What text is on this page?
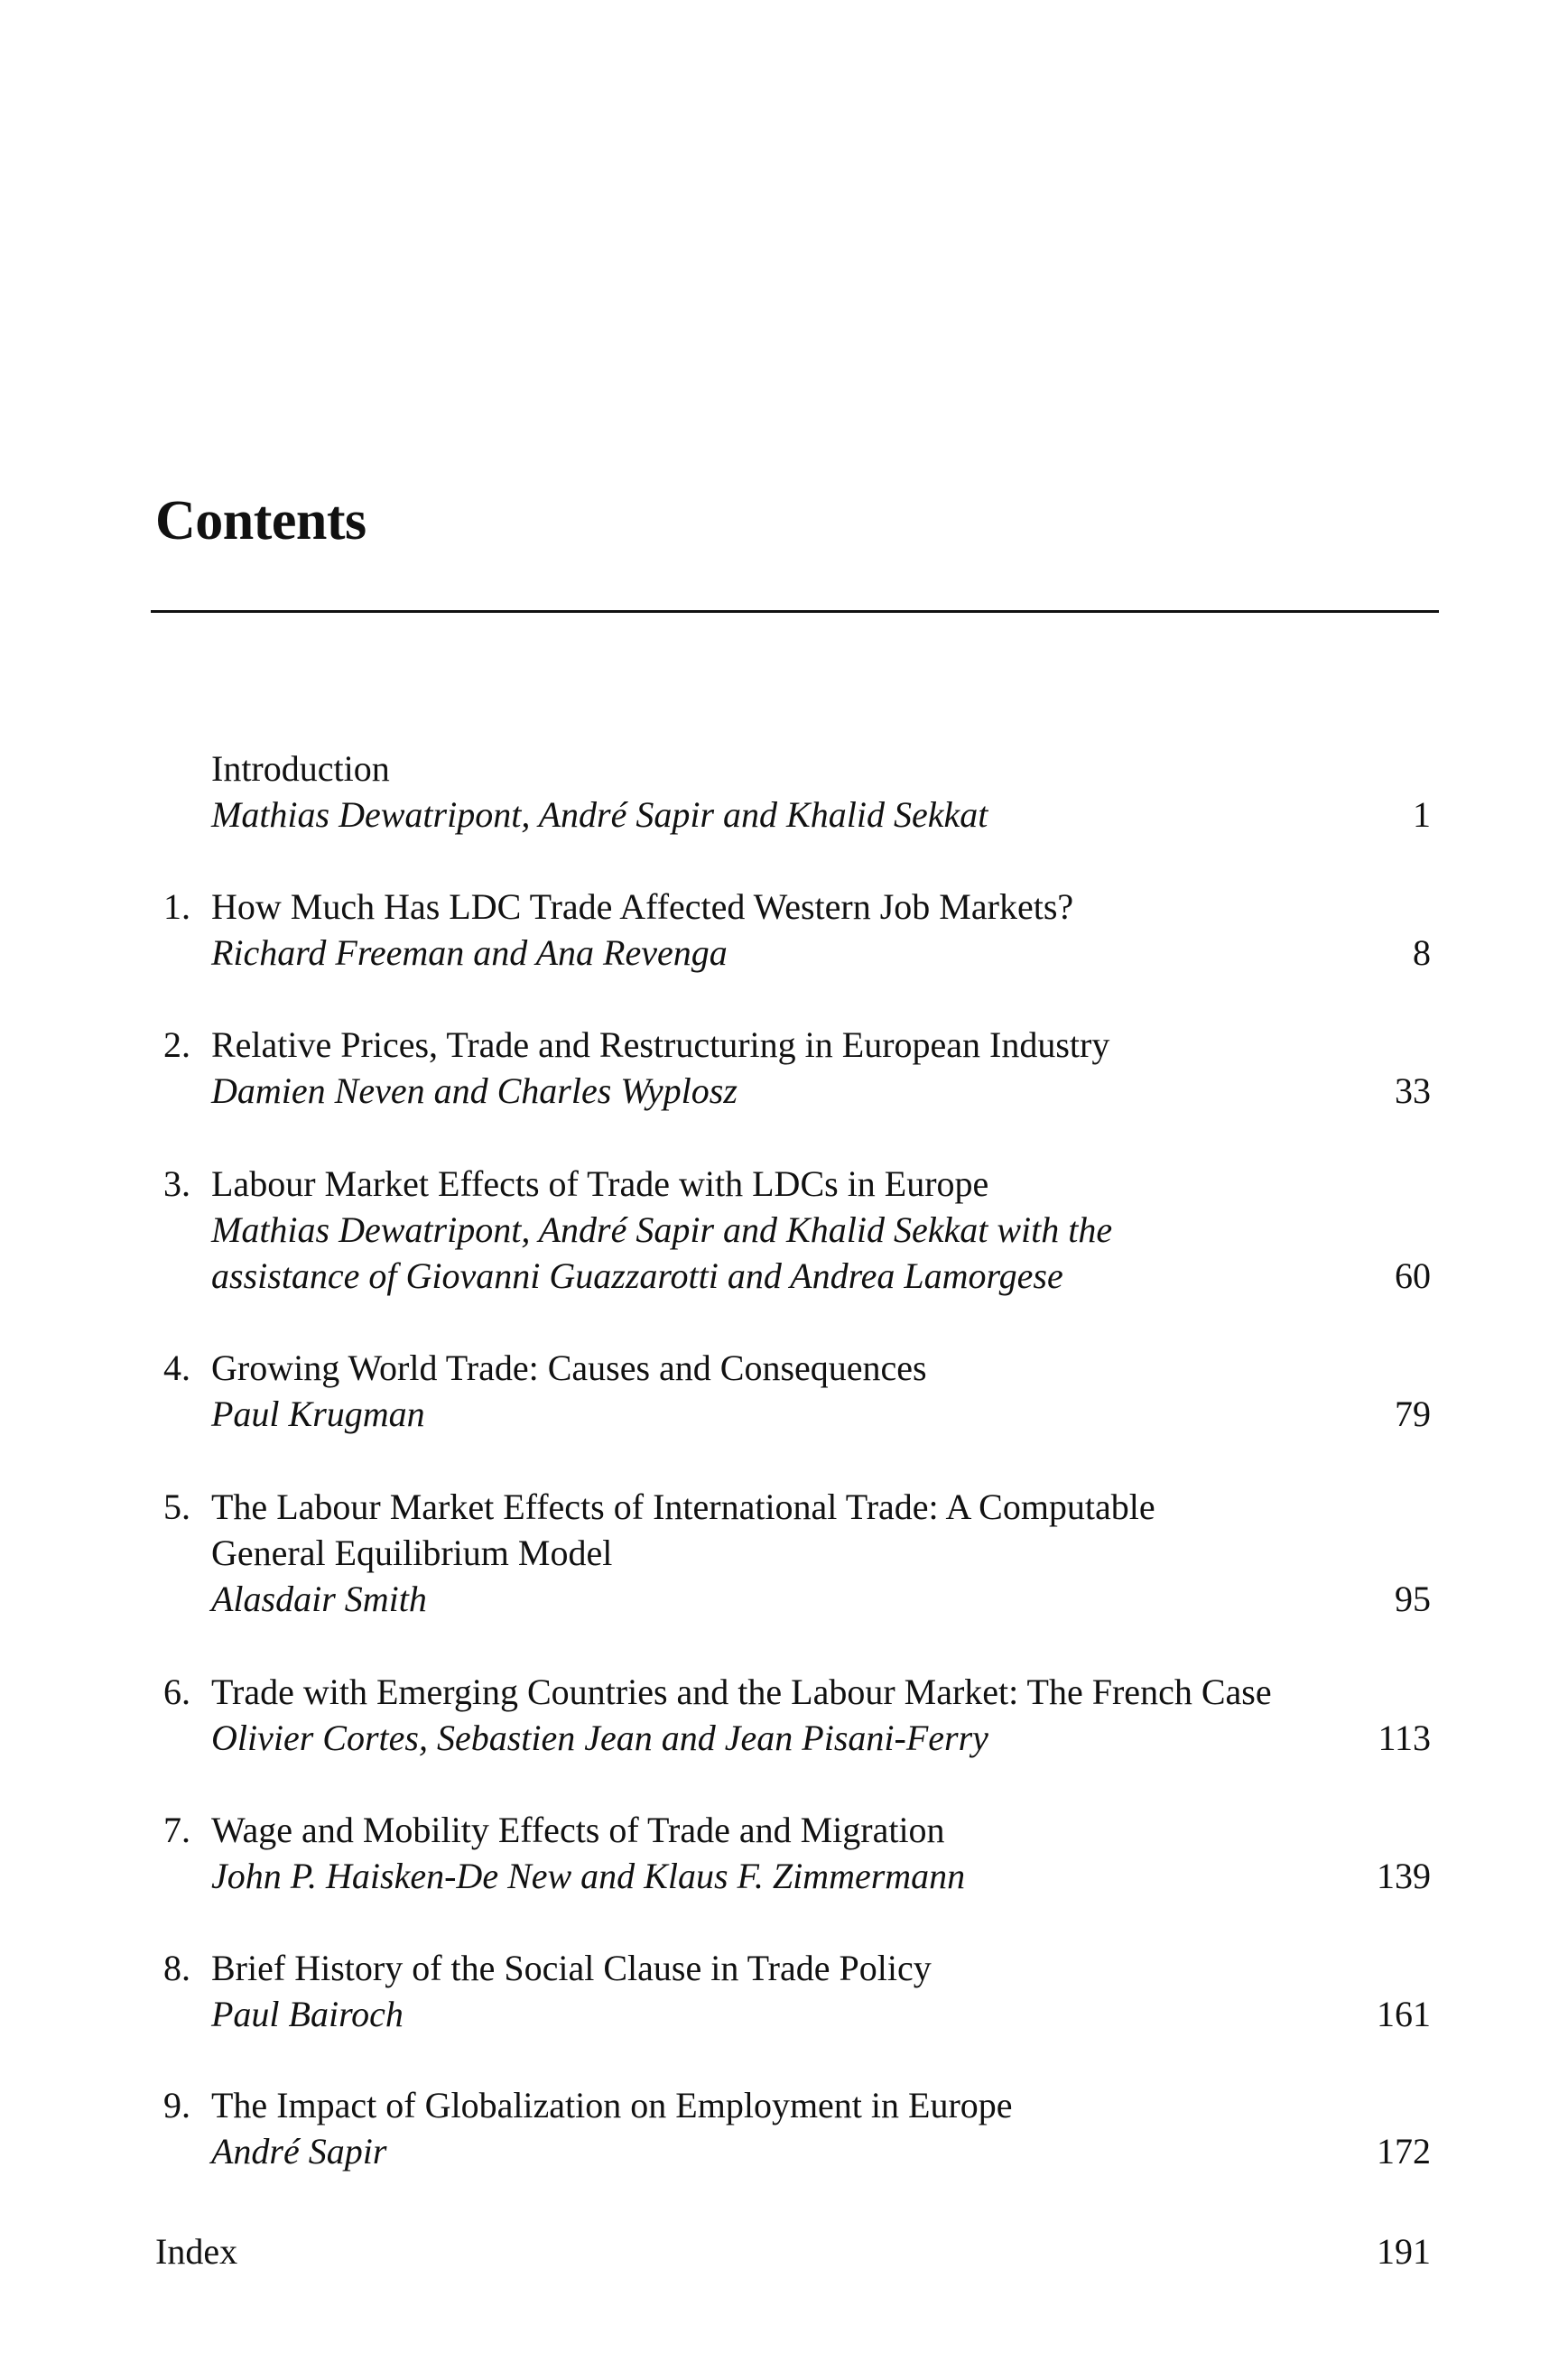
Contents
Introduction
Mathias Dewatripont, André Sapir and Khalid Sekkat	1
1. How Much Has LDC Trade Affected Western Job Markets?
Richard Freeman and Ana Revenga	8
2. Relative Prices, Trade and Restructuring in European Industry
Damien Neven and Charles Wyplosz	33
3. Labour Market Effects of Trade with LDCs in Europe
Mathias Dewatripont, André Sapir and Khalid Sekkat with the
assistance of Giovanni Guazzarotti and Andrea Lamorgese	60
4. Growing World Trade: Causes and Consequences
Paul Krugman	79
5. The Labour Market Effects of International Trade: A Computable
General Equilibrium Model
Alasdair Smith	95
6. Trade with Emerging Countries and the Labour Market: The French Case
Olivier Cortes, Sebastien Jean and Jean Pisani-Ferry	113
7. Wage and Mobility Effects of Trade and Migration
John P. Haisken-De New and Klaus F. Zimmermann	139
8. Brief History of the Social Clause in Trade Policy
Paul Bairoch	161
9. The Impact of Globalization on Employment in Europe
André Sapir	172
Index	191
